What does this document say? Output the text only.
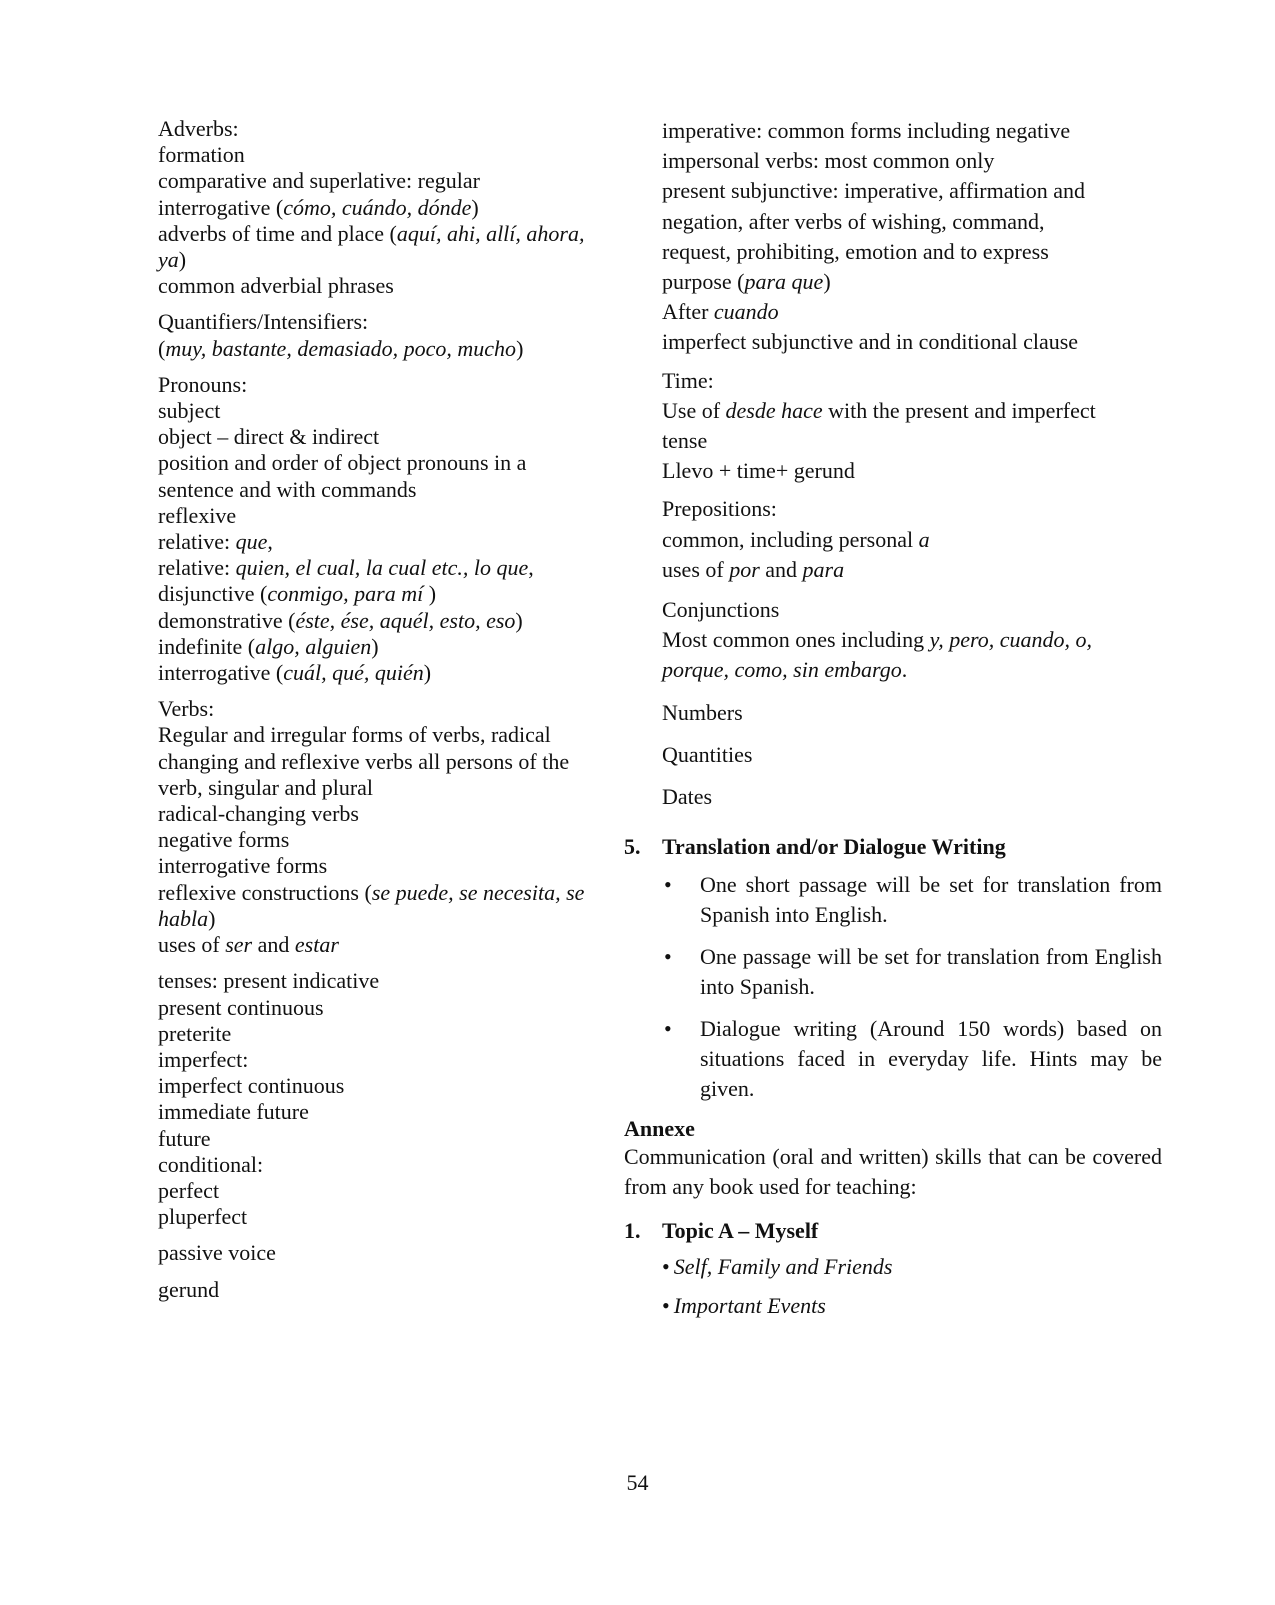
Adverbs:
formation
comparative and superlative: regular
interrogative (cómo, cuándo, dónde)
adverbs of time and place (aquí, ahi, allí, ahora,
ya)
common adverbial phrases
Quantifiers/Intensifiers:
(muy, bastante, demasiado, poco, mucho)
Pronouns:
subject
object – direct & indirect
position and order of object pronouns in a
sentence and with commands
reflexive
relative: que,
relative: quien, el cual, la cual etc., lo que,
disjunctive (conmigo, para mí )
demonstrative (éste, ése, aquél, esto, eso)
indefinite (algo, alguien)
interrogative (cuál, qué, quién)
Verbs:
Regular and irregular forms of verbs, radical
changing and reflexive verbs all persons of the
verb, singular and plural
radical-changing verbs
negative forms
interrogative forms
reflexive constructions (se puede, se necesita, se
habla)
uses of ser and estar
tenses: present indicative
present continuous
preterite
imperfect:
imperfect continuous
immediate future
future
conditional:
perfect
pluperfect
passive voice
gerund
imperative: common forms including negative
impersonal verbs: most common only
present subjunctive: imperative, affirmation and
negation, after verbs of wishing, command,
request, prohibiting, emotion and to express
purpose (para que)
After cuando
imperfect subjunctive and in conditional clause
Time:
Use of desde hace with the present and imperfect
tense
Llevo + time+ gerund
Prepositions:
common, including personal a
uses of por and para
Conjunctions
Most common ones including y, pero, cuando, o,
porque, como, sin embargo.
Numbers
Quantities
Dates
5. Translation and/or Dialogue Writing
• One short passage will be set for translation from Spanish into English.
• One passage will be set for translation from English into Spanish.
• Dialogue writing (Around 150 words) based on situations faced in everyday life. Hints may be given.
Annexe
Communication (oral and written) skills that can be covered from any book used for teaching:
1. Topic A – Myself
• Self, Family and Friends
• Important Events
54
